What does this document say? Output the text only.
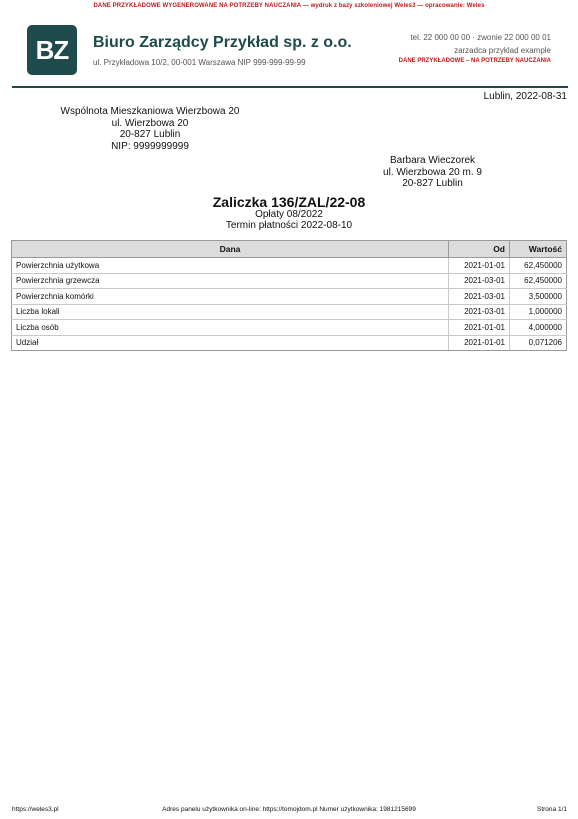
DANE PRZYKŁADOWE WYGENEROWANE NA POTRZEBY NAUCZANIA — wydruk z bazy szkoleniowej Weles3 — opracowanie: Weles
BZ	Biuro Zarządcy Przykład sp. z o.o.
ul. Przykładowa 10/2, 00-001 Warszawa NIP 999-999-99-99
tel. 22 000 00 00 · zwonie 22 000 00 01
zarzadca przyklad example
DANE PRZYKŁADOWE – NA POTRZEBY NAUCZANIA
Lublin, 2022-08-31
Wspólnota Mieszkaniowa Wierzbowa 20
ul. Wierzbowa 20
20-827 Lublin
NIP: 9999999999
Barbara Wieczorek
ul. Wierzbowa 20 m. 9
20-827 Lublin
Zaliczka 136/ZAL/22-08
Opłaty 08/2022
Termin płatności 2022-08-10
Dana	Od	Wartość
Powierzchnia użytkowa	2021-01-01	62,450000
Powierzchnia grzewcza	2021-03-01	62,450000
Powierzchnia komórki	2021-03-01	3,500000
Liczba lokali	2021-03-01	1,000000
Liczba osób	2021-01-01	4,000000
Udział	2021-01-01	0,071206
https://weles3.pl	Adres panelu użytkownika on-line: https://tomojdom.pl Numer użytkownika: 1981215699	Strona 1/1
